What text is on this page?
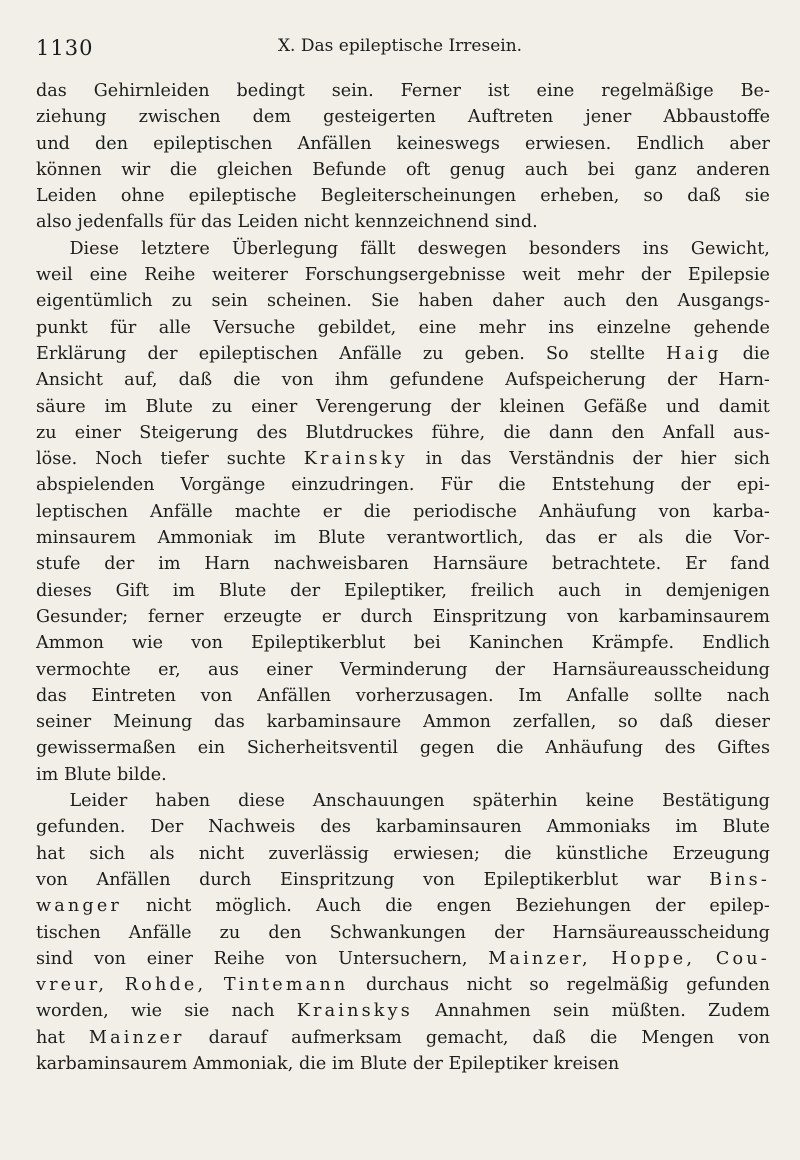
1130	X. Das epileptische Irresein.
das Gehirnleiden bedingt sein. Ferner ist eine regelmäßige Be-
ziehung zwischen dem gesteigerten Auftreten jener Abbaustoffe
und den epileptischen Anfällen keineswegs erwiesen. Endlich aber
können wir die gleichen Befunde oft genug auch bei ganz anderen
Leiden ohne epileptische Begleiterscheinungen erheben, so daß sie
also jedenfalls für das Leiden nicht kennzeichnend sind.
Diese letztere Überlegung fällt deswegen besonders ins Gewicht,
weil eine Reihe weiterer Forschungsergebnisse weit mehr der Epilepsie
eigentümlich zu sein scheinen. Sie haben daher auch den Ausgangs-
punkt für alle Versuche gebildet, eine mehr ins einzelne gehende
Erklärung der epileptischen Anfälle zu geben. So stellte Haig die
Ansicht auf, daß die von ihm gefundene Aufspeicherung der Harn-
säure im Blute zu einer Verengerung der kleinen Gefäße und damit
zu einer Steigerung des Blutdruckes führe, die dann den Anfall aus-
löse. Noch tiefer suchte Krainsky in das Verständnis der hier sich
abspielenden Vorgänge einzudringen. Für die Entstehung der epi-
leptischen Anfälle machte er die periodische Anhäufung von karba-
minsaurem Ammoniak im Blute verantwortlich, das er als die Vor-
stufe der im Harn nachweisbaren Harnsäure betrachtete. Er fand
dieses Gift im Blute der Epileptiker, freilich auch in demjenigen
Gesunder; ferner erzeugte er durch Einspritzung von karbaminsaurem
Ammon wie von Epileptikerblut bei Kaninchen Krämpfe. Endlich
vermochte er, aus einer Verminderung der Harnsäureausscheidung
das Eintreten von Anfällen vorherzusagen. Im Anfalle sollte nach
seiner Meinung das karbaminsaure Ammon zerfallen, so daß dieser
gewissermaßen ein Sicherheitsventil gegen die Anhäufung des Giftes
im Blute bilde.
Leider haben diese Anschauungen späterhin keine Bestätigung
gefunden. Der Nachweis des karbaminsauren Ammoniaks im Blute
hat sich als nicht zuverlässig erwiesen; die künstliche Erzeugung
von Anfällen durch Einspritzung von Epileptikerblut war Bins-
wanger nicht möglich. Auch die engen Beziehungen der epilep-
tischen Anfälle zu den Schwankungen der Harnsäureausscheidung
sind von einer Reihe von Untersuchern, Mainzer, Hoppe, Cou-
vreur, Rohde, Tintemann durchaus nicht so regelmäßig gefunden
worden, wie sie nach Krainskys Annahmen sein müßten. Zudem
hat Mainzer darauf aufmerksam gemacht, daß die Mengen von
karbaminsaurem Ammoniak, die im Blute der Epileptiker kreisen
